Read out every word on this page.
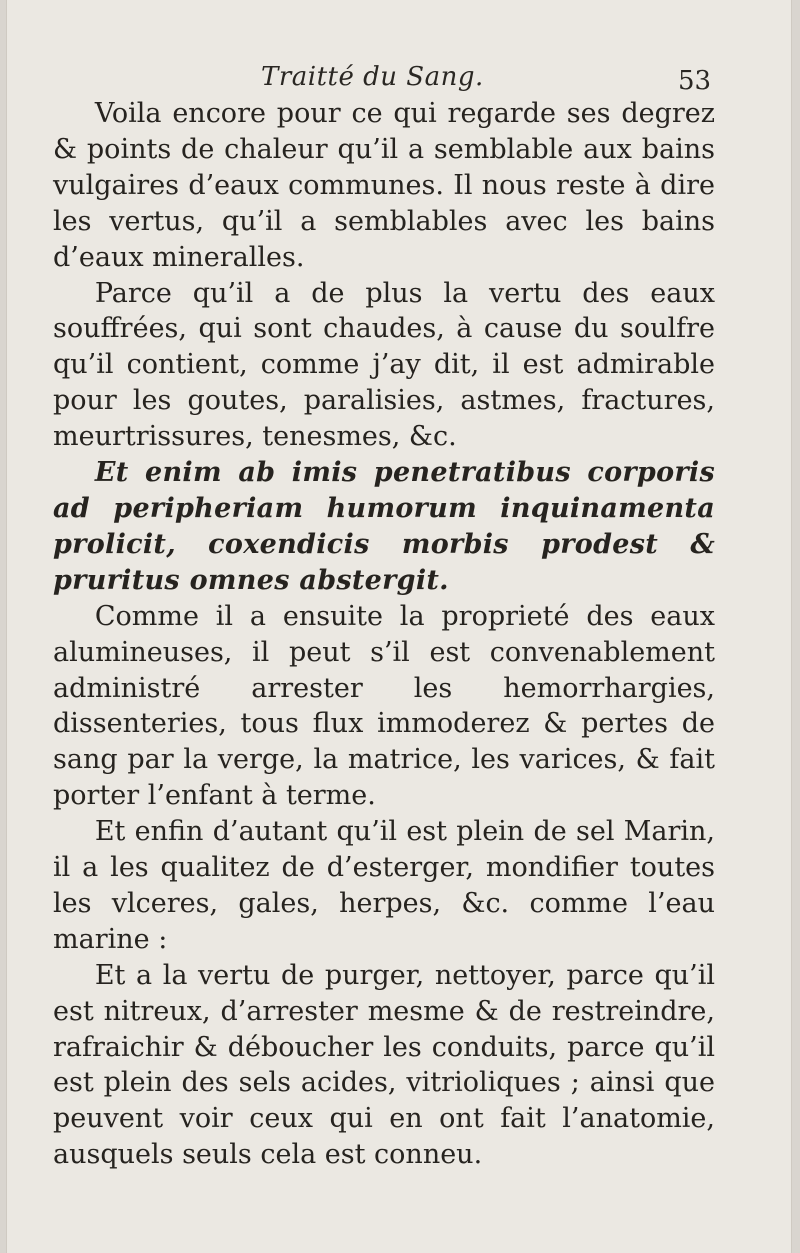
Traitté du Sang.	53

Voila encore pour ce qui regarde ses degrez & points de chaleur qu’il a semblable aux bains vulgaires d’eaux communes. Il nous reste à dire les vertus, qu’il a semblables avec les bains d’eaux mineralles.

Parce qu’il a de plus la vertu des eaux souffrées, qui sont chaudes, à cause du soulfre qu’il contient, comme j’ay dit, il est admirable pour les goutes, paralisies, astmes, fractures, meurtrissures, tenesmes, &c.

Et enim ab imis penetratibus corporis ad peripheriam humorum inquinamenta prolicit, coxendicis morbis prodest & pruritus omnes abstergit.

Comme il a ensuite la proprieté des eaux alumineuses, il peut s’il est convenablement administré arrester les hemorrhargies, dissenteries, tous flux immoderez & pertes de sang par la verge, la matrice, les varices, & fait porter l’enfant à terme.

Et enfin d’autant qu’il est plein de sel Marin, il a les qualitez de d’esterger, mondifier toutes les vlceres, gales, herpes, &c. comme l’eau marine :

Et a la vertu de purger, nettoyer, parce qu’il est nitreux, d’arrester mesme & de restreindre, rafraichir & déboucher les conduits, parce qu’il est plein des sels acides, vitrioliques ; ainsi que peuvent voir ceux qui en ont fait l’anatomie, ausquels seuls cela est conneu.
